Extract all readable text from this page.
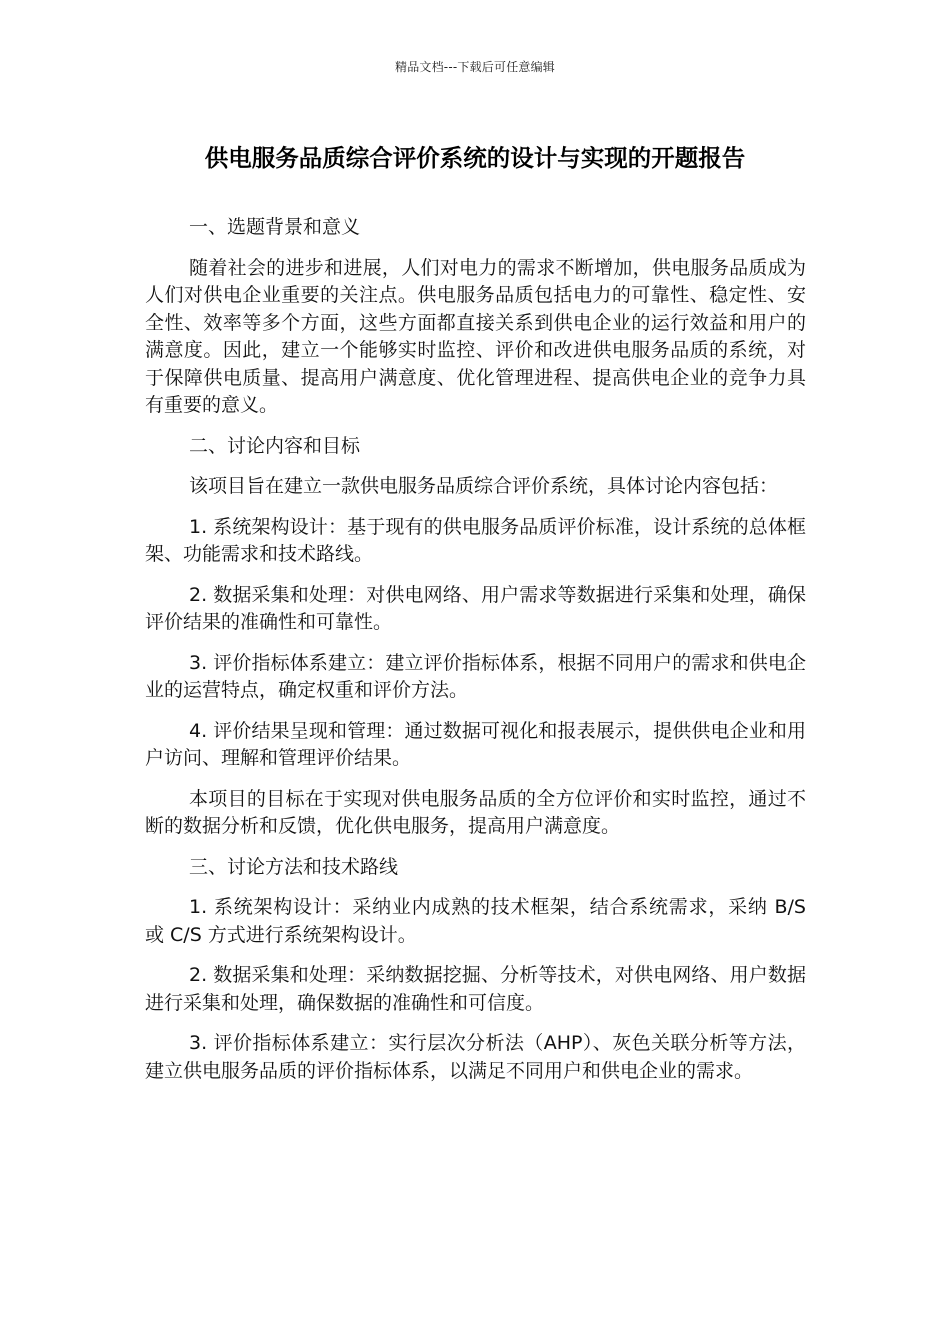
精品文档---下载后可任意编辑
供电服务品质综合评价系统的设计与实现的开题报告

一、选题背景和意义

随着社会的进步和进展，人们对电力的需求不断增加，供电服务品质成为人们对供电企业重要的关注点。供电服务品质包括电力的可靠性、稳定性、安全性、效率等多个方面，这些方面都直接关系到供电企业的运行效益和用户的满意度。因此，建立一个能够实时监控、评价和改进供电服务品质的系统，对于保障供电质量、提高用户满意度、优化管理进程、提高供电企业的竞争力具有重要的意义。

二、讨论内容和目标

该项目旨在建立一款供电服务品质综合评价系统，具体讨论内容包括：

1. 系统架构设计：基于现有的供电服务品质评价标准，设计系统的总体框架、功能需求和技术路线。

2. 数据采集和处理：对供电网络、用户需求等数据进行采集和处理，确保评价结果的准确性和可靠性。

3. 评价指标体系建立：建立评价指标体系，根据不同用户的需求和供电企业的运营特点，确定权重和评价方法。

4. 评价结果呈现和管理：通过数据可视化和报表展示，提供供电企业和用户访问、理解和管理评价结果。

本项目的目标在于实现对供电服务品质的全方位评价和实时监控，通过不断的数据分析和反馈，优化供电服务，提高用户满意度。

三、讨论方法和技术路线

1. 系统架构设计：采纳业内成熟的技术框架，结合系统需求，采纳 B/S 或 C/S 方式进行系统架构设计。

2. 数据采集和处理：采纳数据挖掘、分析等技术，对供电网络、用户数据进行采集和处理，确保数据的准确性和可信度。

3. 评价指标体系建立：实行层次分析法（AHP）、灰色关联分析等方法，建立供电服务品质的评价指标体系，以满足不同用户和供电企业的需求。
